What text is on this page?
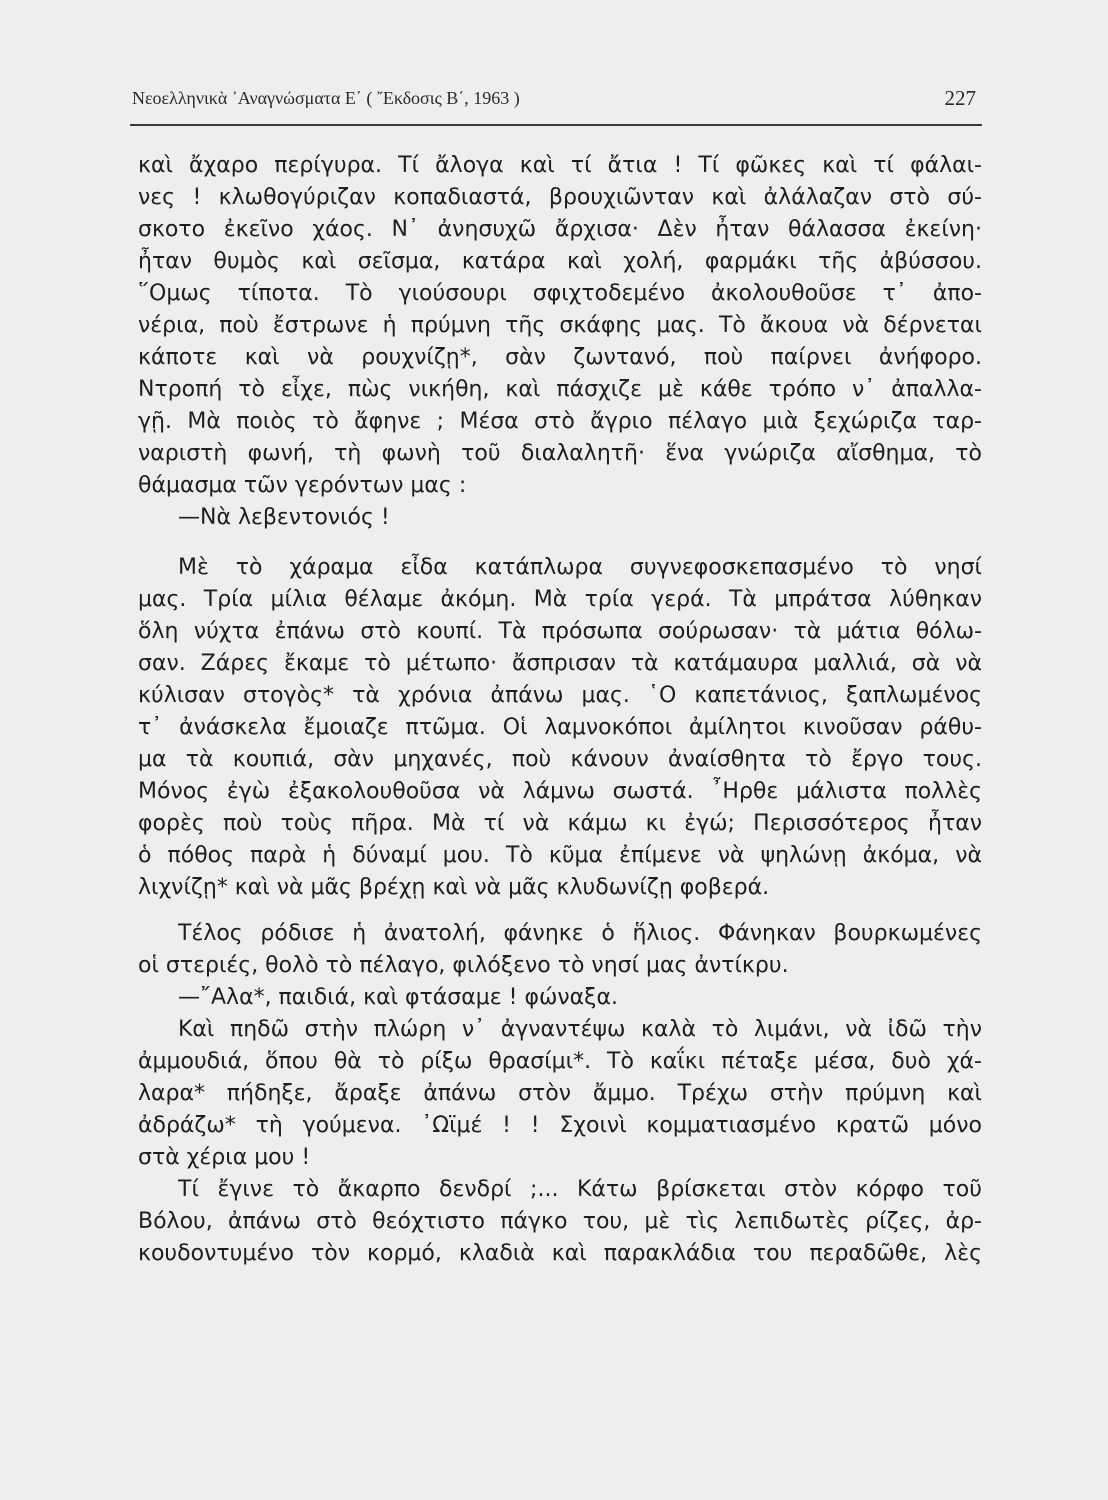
Νεοελληνικὰ ᾿Αναγνώσματα Ε΄ ( ῎Εκδοσις Β΄, 1963 )	227
καὶ ἄχαρο περίγυρα. Τί ἄλογα καὶ τί ἄτια ! Τί φῶκες καὶ τί φάλαι-
νες ! κλωθογύριζαν κοπαδιαστά, βρουχιῶνταν καὶ ἀλάλαζαν στὸ σύ-
σκοτο ἐκεῖνο χάος. Ν᾿ ἀνησυχῶ ἄρχισα· Δὲν ἦταν θάλασσα ἐκείνη·
ἦταν θυμὸς καὶ σεῖσμα, κατάρα καὶ χολή, φαρμάκι τῆς ἀβύσσου.
῞Ομως τίποτα. Τὸ γιούσουρι σφιχτοδεμένο ἀκολουθοῦσε τ᾿ ἀπο-
νέρια, ποὺ ἔστρωνε ἡ πρύμνη τῆς σκάφης μας. Τὸ ἄκουα νὰ δέρνεται
κάποτε καὶ νὰ ρουχνίζῃ*, σὰν ζωντανό, ποὺ παίρνει ἀνήφορο.
Ντροπή τὸ εἶχε, πὼς νικήθη, καὶ πάσχιζε μὲ κάθε τρόπο ν᾿ ἀπαλλα-
γῇ. Μὰ ποιὸς τὸ ἄφηνε ; Μέσα στὸ ἄγριο πέλαγο μιὰ ξεχώριζα ταρ-
ναριστὴ φωνή, τὴ φωνὴ τοῦ διαλαλητῆ· ἕνα γνώριζα αἴσθημα, τὸ
θάμασμα τῶν γερόντων μας :
—Νὰ λεβεντονιός !
Μὲ τὸ χάραμα εἶδα κατάπλωρα συγνεφοσκεπασμένο τὸ νησί
μας. Τρία μίλια θέλαμε ἀκόμη. Μὰ τρία γερά. Τὰ μπράτσα λύθηκαν
ὅλη νύχτα ἐπάνω στὸ κουπί. Τὰ πρόσωπα σούρωσαν· τὰ μάτια θόλω-
σαν. Ζάρες ἔκαμε τὸ μέτωπο· ἄσπρισαν τὰ κατάμαυρα μαλλιά, σὰ νὰ
κύλισαν στογὸς* τὰ χρόνια ἀπάνω μας. ῾Ο καπετάνιος, ξαπλωμένος
τ᾿ ἀνάσκελα ἔμοιαζε πτῶμα. Οἱ λαμνοκόποι ἀμίλητοι κινοῦσαν ράθυ-
μα τὰ κουπιά, σὰν μηχανές, ποὺ κάνουν ἀναίσθητα τὸ ἔργο τους.
Μόνος ἐγὼ ἐξακολουθοῦσα νὰ λάμνω σωστά. ῏Ηρθε μάλιστα πολλὲς
φορὲς ποὺ τοὺς πῆρα. Μὰ τί νὰ κάμω κι ἐγώ; Περισσότερος ἦταν
ὁ πόθος παρὰ ἡ δύναμί μου. Τὸ κῦμα ἐπίμενε νὰ ψηλώνῃ ἀκόμα, νὰ
λιχνίζῃ* καὶ νὰ μᾶς βρέχῃ καὶ νὰ μᾶς κλυδωνίζῃ φοβερά.
Τέλος ρόδισε ἡ ἀνατολή, φάνηκε ὁ ἥλιος. Φάνηκαν βουρκωμένες
οἱ στεριές, θολὸ τὸ πέλαγο, φιλόξενο τὸ νησί μας ἀντίκρυ.
—῎Αλα*, παιδιά, καὶ φτάσαμε ! φώναξα.
Καὶ πηδῶ στὴν πλώρη ν᾿ ἀγναντέψω καλὰ τὸ λιμάνι, νὰ ἰδῶ τὴν
ἀμμουδιά, ὅπου θὰ τὸ ρίξω θρασίμι*. Τὸ καΐκι πέταξε μέσα, δυὸ χά-
λαρα* πήδηξε, ἄραξε ἀπάνω στὸν ἄμμο. Τρέχω στὴν πρύμνη καὶ
ἀδράζω* τὴ γούμενα. ᾿Ωϊμέ ! ! Σχοινὶ κομματιασμένο κρατῶ μόνο
στὰ χέρια μου !
Τί ἔγινε τὸ ἄκαρπο δενδρί ;... Κάτω βρίσκεται στὸν κόρφο τοῦ
Βόλου, ἀπάνω στὸ θεόχτιστο πάγκο του, μὲ τὶς λεπιδωτὲς ρίζες, ἀρ-
κουδοντυμένο τὸν κορμό, κλαδιὰ καὶ παρακλάδια του περαδῶθε, λὲς
